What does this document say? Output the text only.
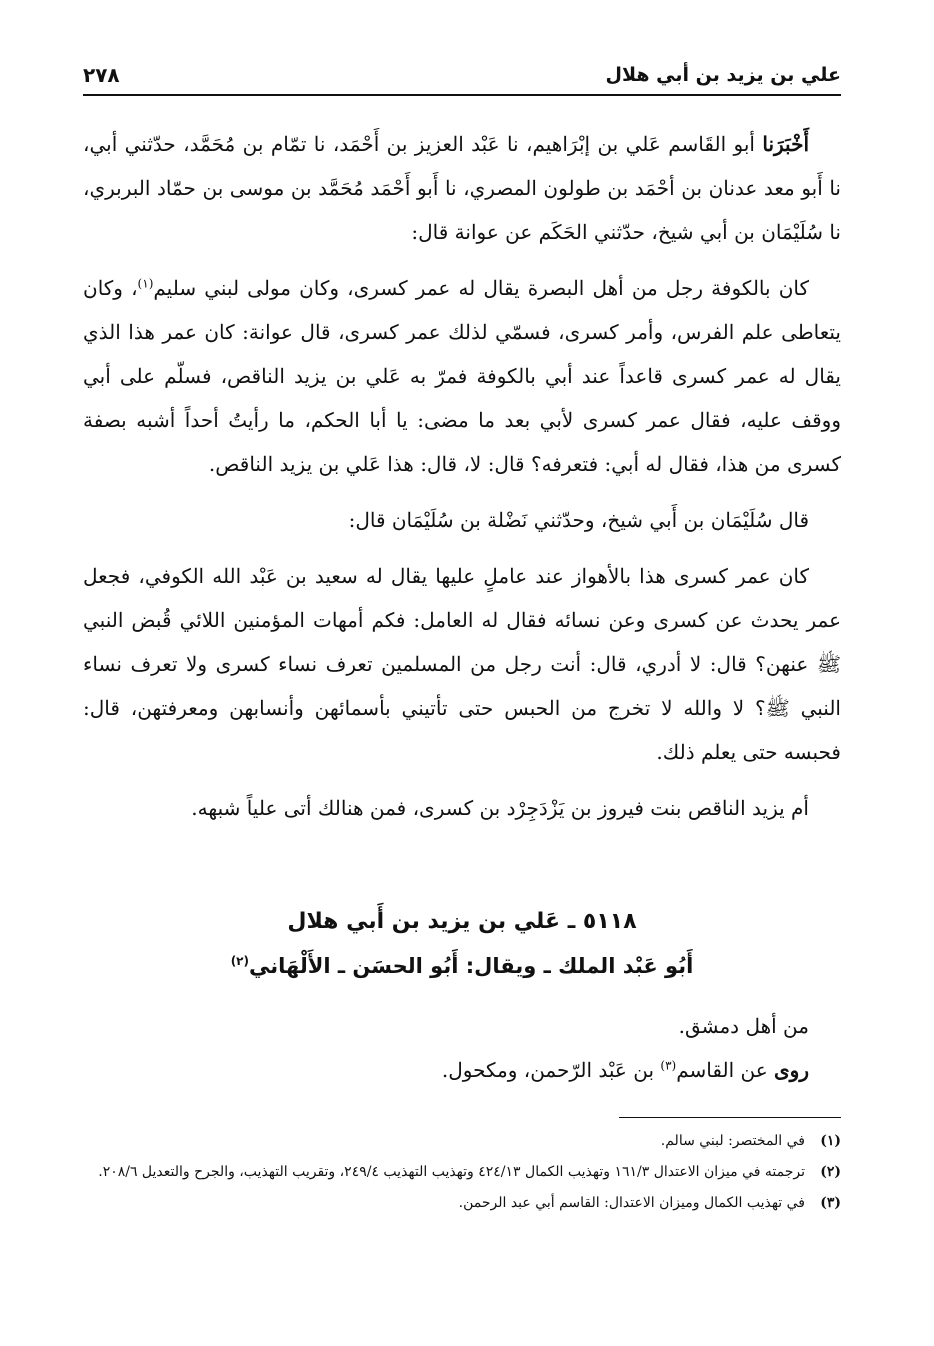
علي بن يزيد بن أبي هلال
٢٧٨

أَخْبَرَنا أبو القَاسم عَلي بن إبْرَاهيم، نا عَبْد العزيز بن أَحْمَد، نا تمّام بن مُحَمَّد، حدّثني أبي، نا أَبو معد عدنان بن أحْمَد بن طولون المصري، نا أَبو أَحْمَد مُحَمَّد بن موسى بن حمّاد البربري، نا سُلَيْمَان بن أبي شيخ، حدّثني الحَكَم عن عوانة قال:

كان بالكوفة رجل من أهل البصرة يقال له عمر كسرى، وكان مولى لبني سليم$^{(١)}$، وكان يتعاطى علم الفرس، وأمر كسرى، فسمّي لذلك عمر كسرى، قال عوانة: كان عمر هذا الذي يقال له عمر كسرى قاعداً عند أبي بالكوفة فمرّ به عَلي بن يزيد الناقص، فسلّم على أبي ووقف عليه، فقال عمر كسرى لأبي بعد ما مضى: يا أبا الحكم، ما رأيتُ أحداً أشبه بصفة كسرى من هذا، فقال له أبي: فتعرفه؟ قال: لا، قال: هذا عَلي بن يزيد الناقص.

قال سُلَيْمَان بن أَبي شيخ، وحدّثني نَضْلة بن سُلَيْمَان قال:

كان عمر كسرى هذا بالأهواز عند عاملٍ عليها يقال له سعيد بن عَبْد الله الكوفي، فجعل عمر يحدث عن كسرى وعن نسائه فقال له العامل: فكم أمهات المؤمنين اللائي قُبض النبي ﷺ عنهن؟ قال: لا أدري، قال: أنت رجل من المسلمين تعرف نساء كسرى ولا تعرف نساء النبي ﷺ؟ لا والله لا تخرج من الحبس حتى تأتيني بأسمائهن وأنسابهن ومعرفتهن، قال: فحبسه حتى يعلم ذلك.

أم يزيد الناقص بنت فيروز بن يَزْدَجِرْد بن كسرى، فمن هنالك أتى علياً شبهه.

٥١١٨ ـ عَلي بن يزيد بن أَبي هلال
أَبُو عَبْد الملك ـ ويقال: أَبُو الحسَن ـ الأَلْهَاني$^{(٢)}$

من أهل دمشق.

روى عن القاسم$^{(٣)}$ بن عَبْد الرّحمن، ومكحول.

(١)
في المختصر: لبني سالم.
(٢)
ترجمته في ميزان الاعتدال ١٦١/٣ وتهذيب الكمال ٤٢٤/١٣ وتهذيب التهذيب ٢٤٩/٤، وتقريب التهذيب، والجرح والتعديل ٢٠٨/٦.
(٣)
في تهذيب الكمال وميزان الاعتدال: القاسم أبي عبد الرحمن.
